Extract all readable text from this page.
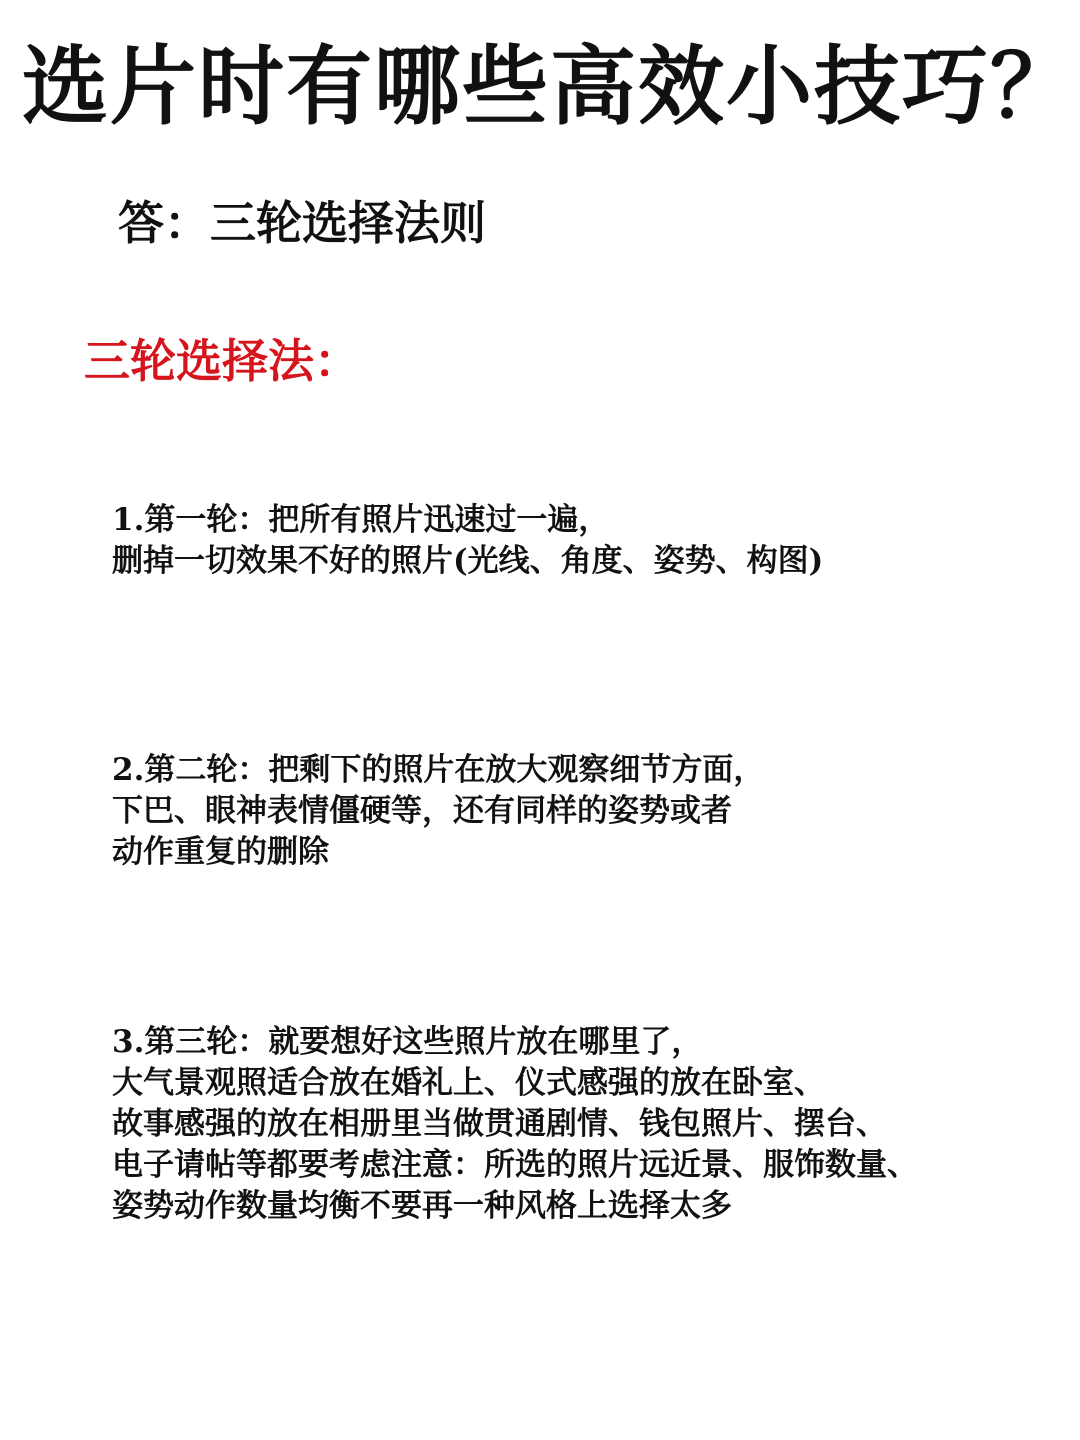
选片时有哪些高效小技巧？
答：三轮选择法则
三轮选择法：
1.第一轮：把所有照片迅速过一遍，
删掉一切效果不好的照片(光线、角度、姿势、构图)
2.第二轮：把剩下的照片在放大观察细节方面，
下巴、眼神表情僵硬等，还有同样的姿势或者
动作重复的删除
3.第三轮：就要想好这些照片放在哪里了，
大气景观照适合放在婚礼上、仪式感强的放在卧室、
故事感强的放在相册里当做贯通剧情、钱包照片、摆台、
电子请帖等都要考虑注意：所选的照片远近景、服饰数量、
姿势动作数量均衡不要再一种风格上选择太多
